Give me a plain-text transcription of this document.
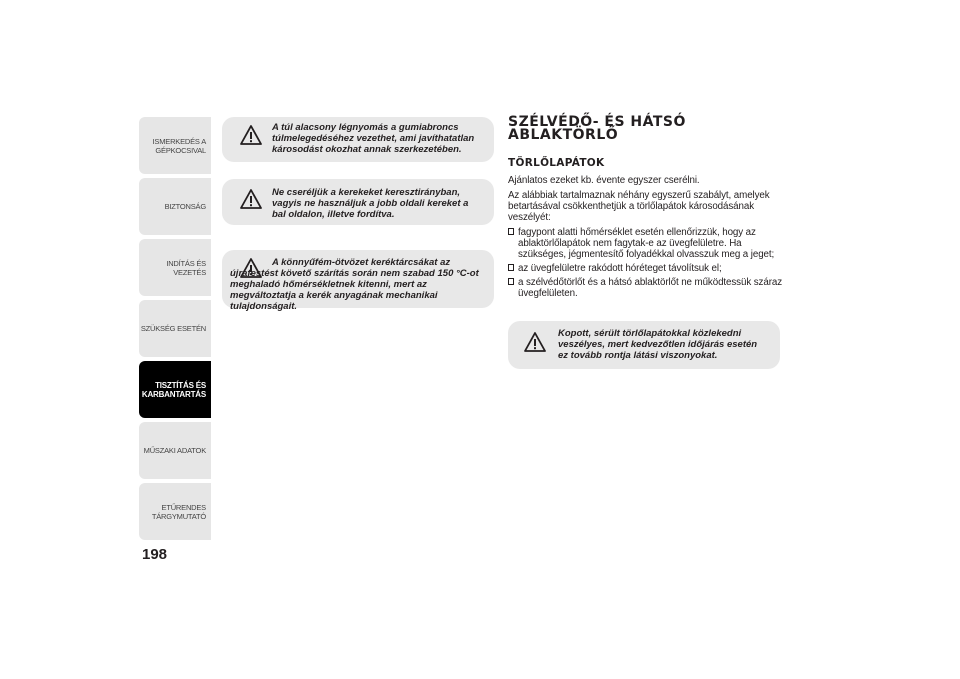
ISMERKEDÉS A GÉPKOCSIVAL
BIZTONSÁG
INDÍTÁS ÉS VEZETÉS
SZÜKSÉG ESETÉN
TISZTÍTÁS ÉS KARBANTARTÁS
MŰSZAKI ADATOK
ETŰRENDES TÁRGYMUTATÓ
198
A túl alacsony légnyomás a gumiabroncs túlmelegedéséhez vezethet, ami javíthatatlan károsodást okozhat annak szerkezetében.
Ne cseréljük a kerekeket keresztirányban, vagyis ne használjuk a jobb oldali kereket a bal oldalon, illetve fordítva.
A könnyűfém-ötvözet keréktárcsákat az újrafestést követő szárítás során nem szabad 150 °C-ot meghaladó hőmérsékletnek kitenni, mert az megváltoztatja a kerék anyagának mechanikai tulajdonságait.
SZÉLVÉDŐ- ÉS HÁTSÓ ABLAKTÖRLŐ
TÖRLŐLAPÁTOK

Ajánlatos ezeket kb. évente egyszer cserélni.

Az alábbiak tartalmaznak néhány egyszerű szabályt, amelyek betartásával csökkenthetjük a törlőlapátok károsodásának veszélyét:

fagypont alatti hőmérséklet esetén ellenőrizzük, hogy az ablaktörlőlapátok nem fagytak-e az üvegfelületre. Ha szükséges, jégmentesítő folyadékkal olvasszuk meg a jeget;
az üvegfelületre rakódott hóréteget távolítsuk el;
a szélvédőtörlőt és a hátsó ablaktörlőt ne működtessük száraz üvegfelületen.
Kopott, sérült törlőlapátokkal közlekedni veszélyes, mert kedvezőtlen időjárás esetén ez tovább rontja látási viszonyokat.
